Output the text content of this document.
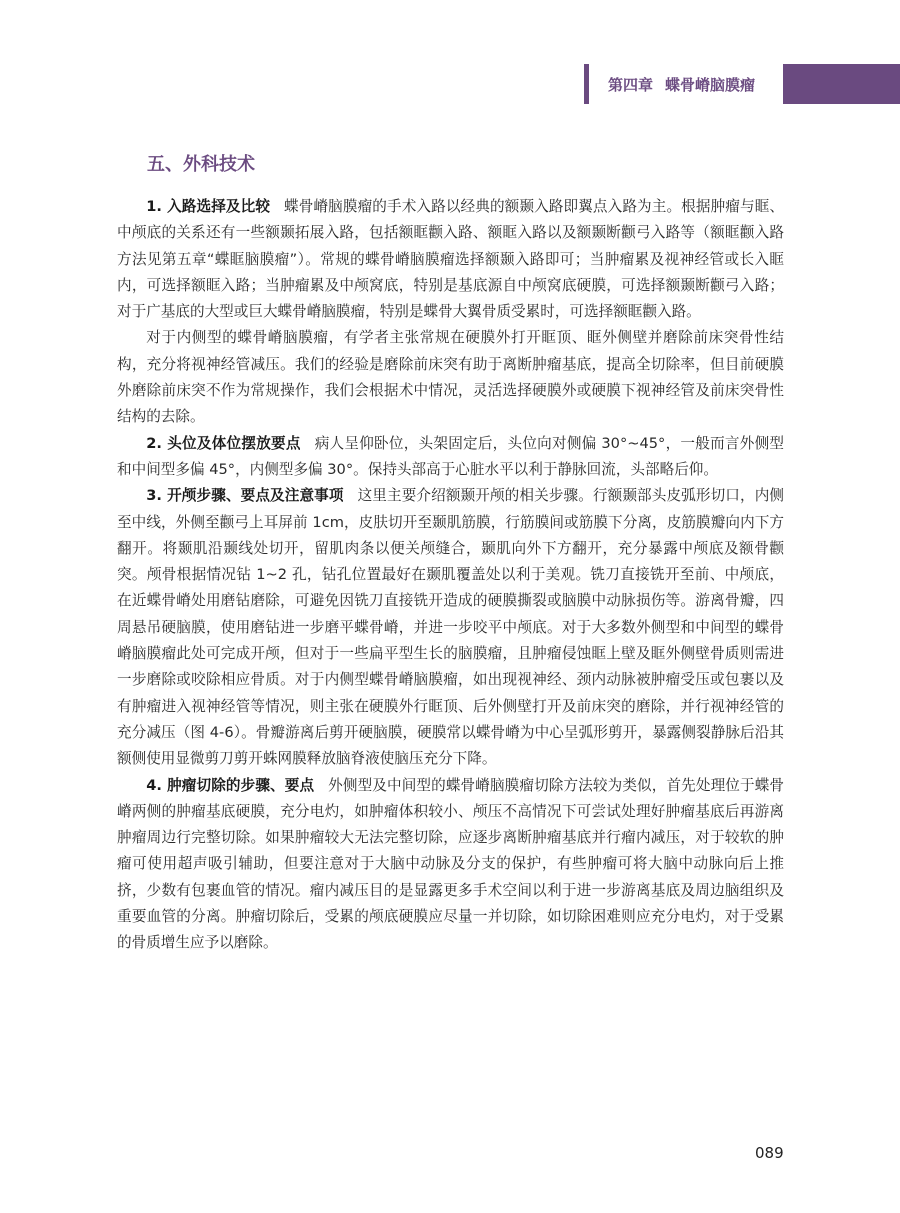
第四章 蝶骨嵴脑膜瘤
五、外科技术

1. 入路选择及比较 蝶骨嵴脑膜瘤的手术入路以经典的额颞入路即翼点入路为主。根据肿瘤与眶、中颅底的关系还有一些额颞拓展入路，包括额眶颧入路、额眶入路以及额颞断颧弓入路等（额眶颧入路方法见第五章“蝶眶脑膜瘤”）。常规的蝶骨嵴脑膜瘤选择额颞入路即可；当肿瘤累及视神经管或长入眶内，可选择额眶入路；当肿瘤累及中颅窝底，特别是基底源自中颅窝底硬膜，可选择额颞断颧弓入路；对于广基底的大型或巨大蝶骨嵴脑膜瘤，特别是蝶骨大翼骨质受累时，可选择额眶颧入路。

对于内侧型的蝶骨嵴脑膜瘤，有学者主张常规在硬膜外打开眶顶、眶外侧壁并磨除前床突骨性结构，充分将视神经管减压。我们的经验是磨除前床突有助于离断肿瘤基底，提高全切除率，但目前硬膜外磨除前床突不作为常规操作，我们会根据术中情况，灵活选择硬膜外或硬膜下视神经管及前床突骨性结构的去除。

2. 头位及体位摆放要点 病人呈仰卧位，头架固定后，头位向对侧偏 30°~45°，一般而言外侧型和中间型多偏 45°，内侧型多偏 30°。保持头部高于心脏水平以利于静脉回流，头部略后仰。

3. 开颅步骤、要点及注意事项 这里主要介绍额颞开颅的相关步骤。行额颞部头皮弧形切口，内侧至中线，外侧至颧弓上耳屏前 1cm，皮肤切开至颞肌筋膜，行筋膜间或筋膜下分离，皮筋膜瓣向内下方翻开。将颞肌沿颞线处切开，留肌肉条以便关颅缝合，颞肌向外下方翻开，充分暴露中颅底及额骨颧突。颅骨根据情况钻 1~2 孔，钻孔位置最好在颞肌覆盖处以利于美观。铣刀直接铣开至前、中颅底，在近蝶骨嵴处用磨钻磨除，可避免因铣刀直接铣开造成的硬膜撕裂或脑膜中动脉损伤等。游离骨瓣，四周悬吊硬脑膜，使用磨钻进一步磨平蝶骨嵴，并进一步咬平中颅底。对于大多数外侧型和中间型的蝶骨嵴脑膜瘤此处可完成开颅，但对于一些扁平型生长的脑膜瘤，且肿瘤侵蚀眶上壁及眶外侧壁骨质则需进一步磨除或咬除相应骨质。对于内侧型蝶骨嵴脑膜瘤，如出现视神经、颈内动脉被肿瘤受压或包裹以及有肿瘤进入视神经管等情况，则主张在硬膜外行眶顶、后外侧壁打开及前床突的磨除，并行视神经管的充分减压（图 4-6）。骨瓣游离后剪开硬脑膜，硬膜常以蝶骨嵴为中心呈弧形剪开，暴露侧裂静脉后沿其额侧使用显微剪刀剪开蛛网膜释放脑脊液使脑压充分下降。

4. 肿瘤切除的步骤、要点 外侧型及中间型的蝶骨嵴脑膜瘤切除方法较为类似，首先处理位于蝶骨嵴两侧的肿瘤基底硬膜，充分电灼，如肿瘤体积较小、颅压不高情况下可尝试处理好肿瘤基底后再游离肿瘤周边行完整切除。如果肿瘤较大无法完整切除，应逐步离断肿瘤基底并行瘤内减压，对于较软的肿瘤可使用超声吸引辅助，但要注意对于大脑中动脉及分支的保护，有些肿瘤可将大脑中动脉向后上推挤，少数有包裹血管的情况。瘤内减压目的是显露更多手术空间以利于进一步游离基底及周边脑组织及重要血管的分离。肿瘤切除后，受累的颅底硬膜应尽量一并切除，如切除困难则应充分电灼，对于受累的骨质增生应予以磨除。

089
